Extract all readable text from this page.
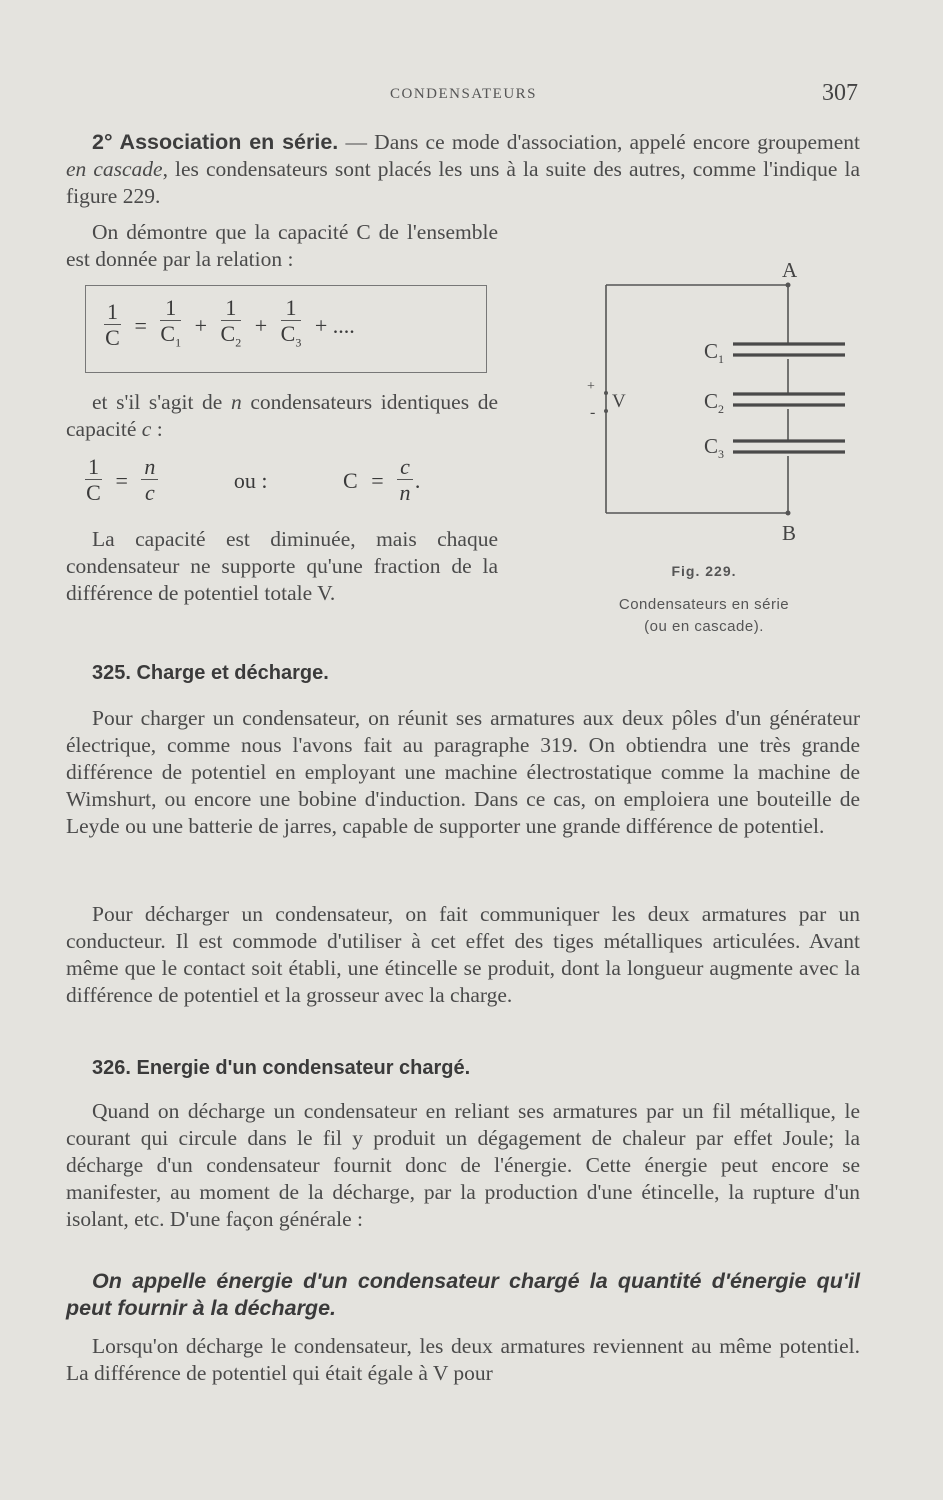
CONDENSATEURS	307

2° Association en série. — Dans ce mode d'association, appelé encore groupement en cascade, les condensateurs sont placés les uns à la suite des autres, comme l'indique la figure 229.

On démontre que la capacité C de l'ensemble est donnée par la relation :

$\frac{1}{C} = \frac{1}{C_1} + \frac{1}{C_2} + \frac{1}{C_3}$ + ....

et s'il s'agit de n condensateurs identiques de capacité c :

$\frac{1}{C} = \frac{n}{c}$	ou :	$C = \frac{c}{n}$ .

La capacité est diminuée, mais chaque condensateur ne supporte qu'une fraction de la différence de potentiel totale V.

A
B
V
+
-
$C_1$
$C_2$
$C_3$
Fig. 229.
Condensateurs en série
(ou en cascade).
325. Charge et décharge.

Pour charger un condensateur, on réunit ses armatures aux deux pôles d'un générateur électrique, comme nous l'avons fait au paragraphe 319. On obtiendra une très grande différence de potentiel en employant une machine électrostatique comme la machine de Wimshurt, ou encore une bobine d'induction. Dans ce cas, on emploiera une bouteille de Leyde ou une batterie de jarres, capable de supporter une grande différence de potentiel.

Pour décharger un condensateur, on fait communiquer les deux armatures par un conducteur. Il est commode d'utiliser à cet effet des tiges métalliques articulées. Avant même que le contact soit établi, une étincelle se produit, dont la longueur augmente avec la différence de potentiel et la grosseur avec la charge.

326. Energie d'un condensateur chargé.

Quand on décharge un condensateur en reliant ses armatures par un fil métallique, le courant qui circule dans le fil y produit un dégagement de chaleur par effet Joule; la décharge d'un condensateur fournit donc de l'énergie. Cette énergie peut encore se manifester, au moment de la décharge, par la production d'une étincelle, la rupture d'un isolant, etc. D'une façon générale :

On appelle énergie d'un condensateur chargé la quantité d'énergie qu'il peut fournir à la décharge.

Lorsqu'on décharge le condensateur, les deux armatures reviennent au même potentiel. La différence de potentiel qui était égale à V pour
